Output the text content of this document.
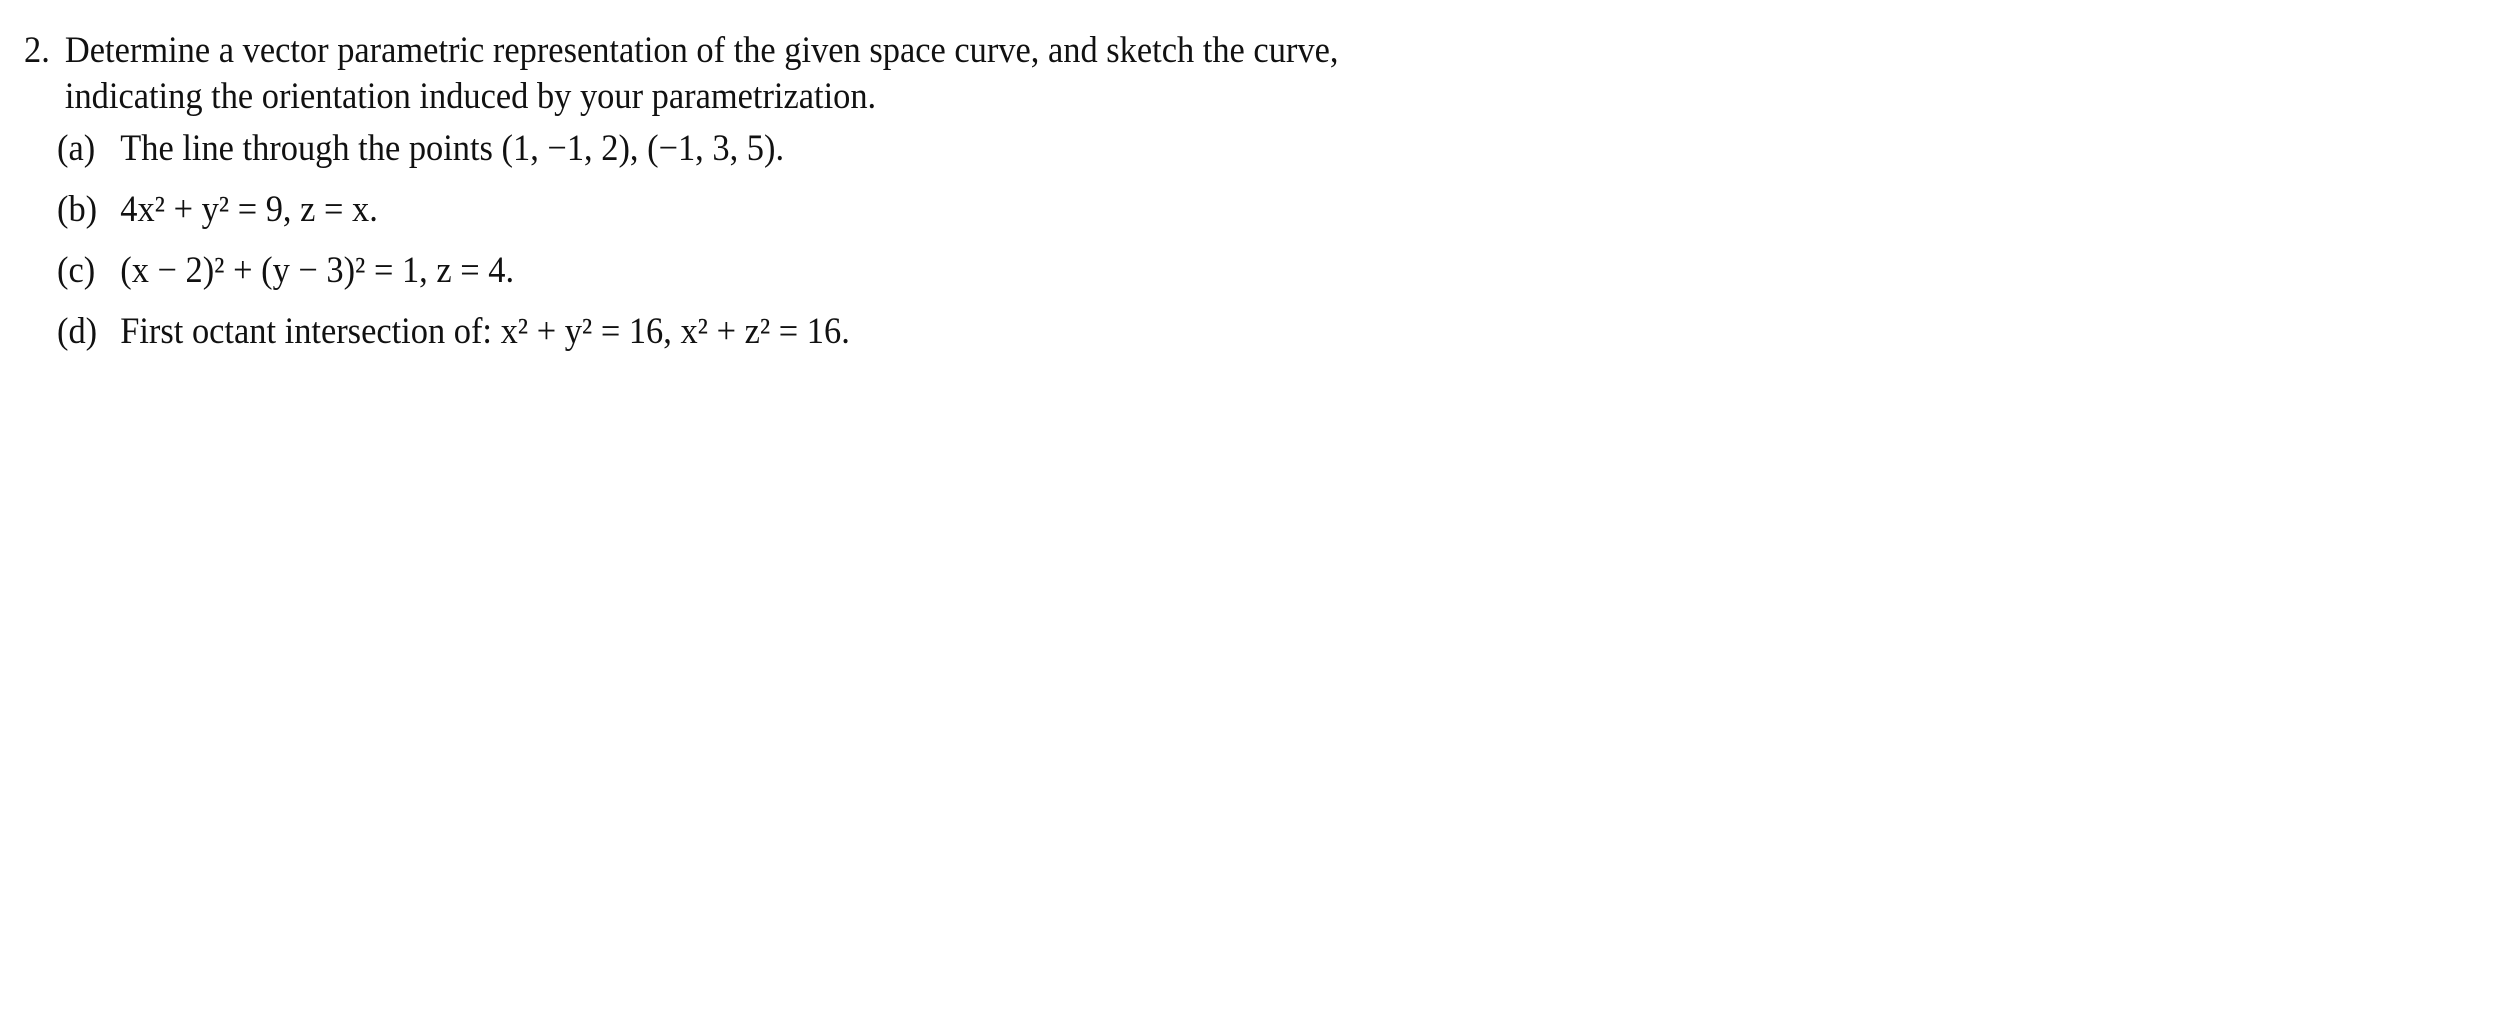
2. Determine a vector parametric representation of the given space curve, and sketch the curve,
indicating the orientation induced by your parametrization.
(a) The line through the points (1, −1, 2), (−1, 3, 5).
(b) 4x² + y² = 9, z = x.
(c) (x − 2)² + (y − 3)² = 1, z = 4.
(d) First octant intersection of: x² + y² = 16, x² + z² = 16.
